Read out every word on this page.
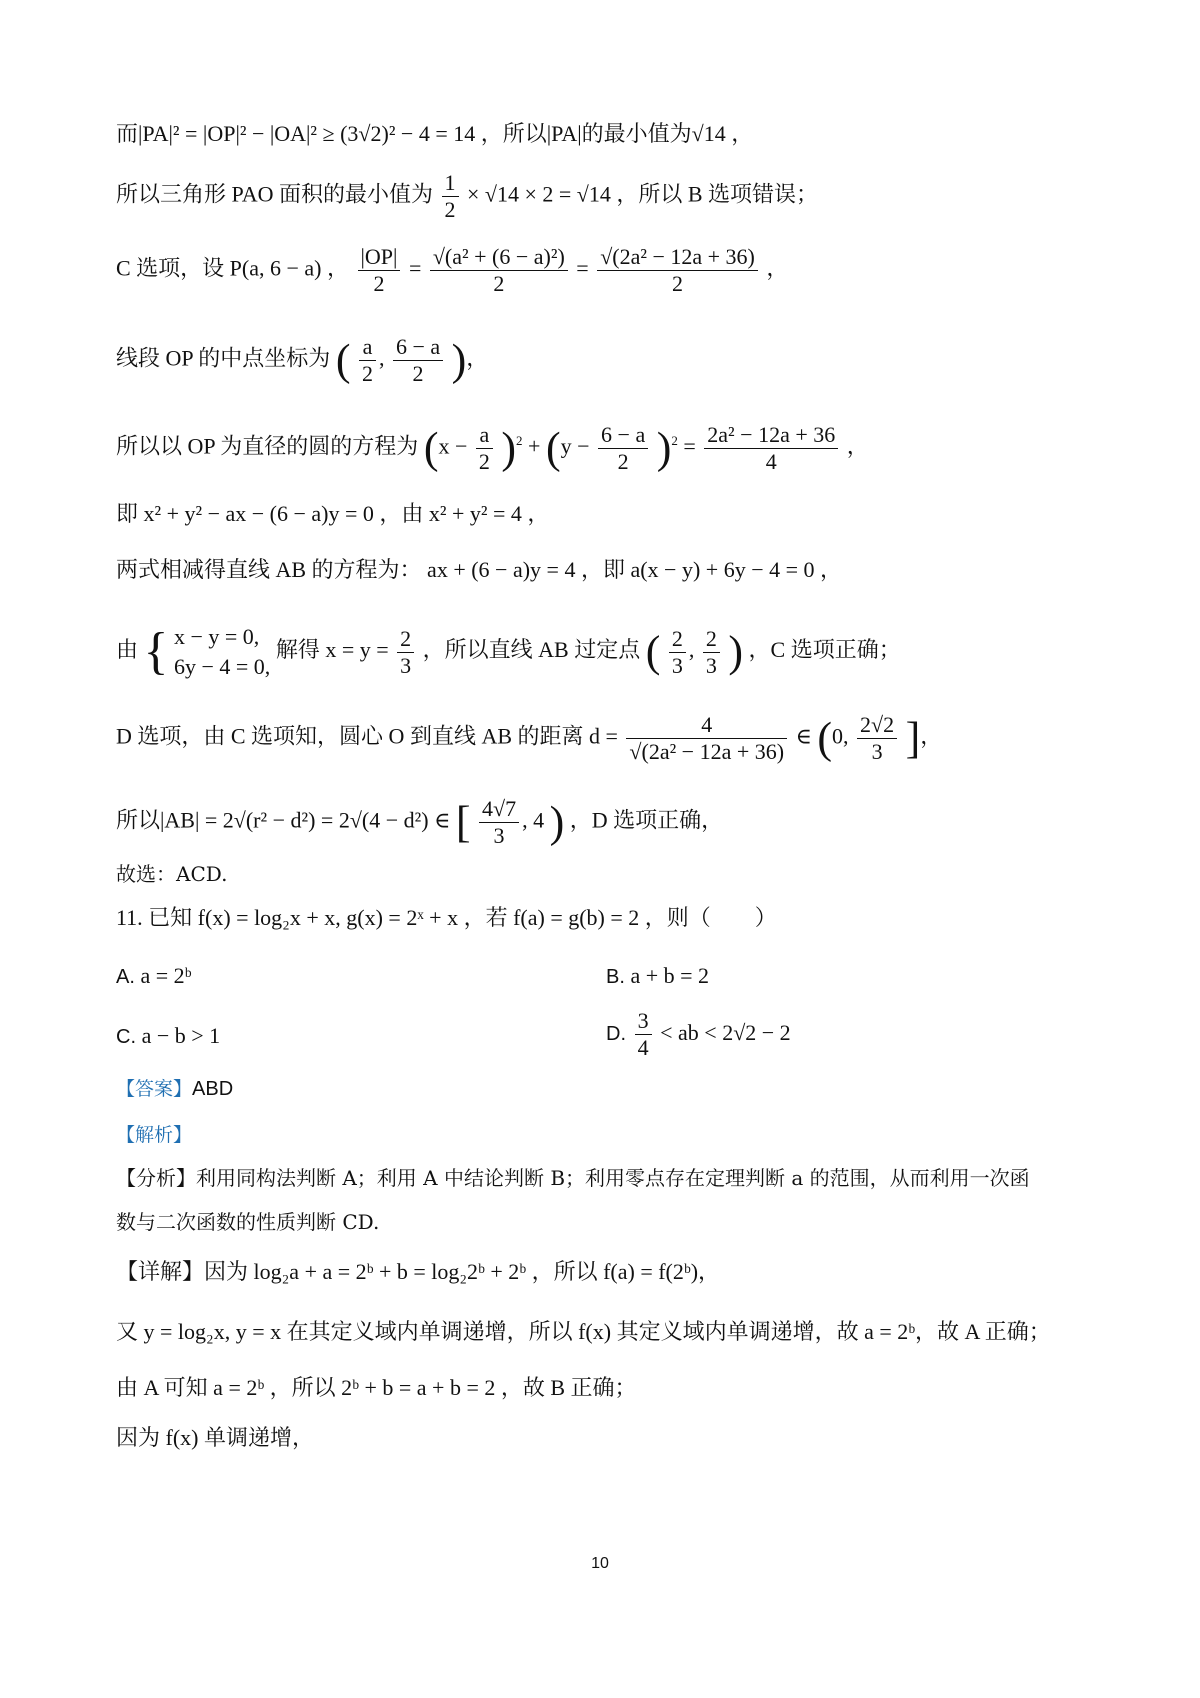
而|PA|² = |OP|² − |OA|² ≥ (3√2)² − 4 = 14 ，所以|PA|的最小值为√14 ，
所以三角形 PAO 面积的最小值为 $\frac{1}{2} \times √14 \times 2 = √14$ ，所以 B 选项错误；
C 选项，设 P(a, 6 − a) ， $\frac{|OP|}{2} = \frac{\text{√(a² + (6 − a)²)}}{2} = \frac{\text{√(2a² − 12a + 36)}}{2}$ ，
线段 OP 的中点坐标为 ( $\frac{a}{2}$ , $\frac{6 - a}{2}$ )，
所以以 OP 为直径的圆的方程为 $(x - \frac{a}{2} )^2 + (y - \frac{6 - a}{2} )^2 = \frac{\text{2a² − 12a + 36}}{4}$ ，
即 x² + y² − ax − (6 − a)y = 0 ，由 x² + y² = 4 ，
两式相减得直线 AB 的方程为： ax + (6 − a)y = 4 ，即 a(x − y) + 6y − 4 = 0 ，
由 { x − y = 0,
6y − 4 = 0,
解得 $x = y = \frac{2}{3}$ ，所以直线 AB 过定点 ( $\frac{2}{3}$ , $\frac{2}{3}$ ) ，C 选项正确；
D 选项，由 C 选项知，圆心 O 到直线 AB 的距离 $d = \frac{4}{\text{√(2a² − 12a + 36)}}$ ∈ (0, $\frac{2√2}{3}$ ]，
所以|AB| = 2√(r² − d²) = 2√(4 − d²) ∈ [ $\frac{4√7}{3}$ , 4 ) ，D 选项正确，
故选：ACD.
11. 已知 f(x) = log₂x + x, g(x) = 2ˣ + x ，若 f(a) = g(b) = 2 ，则（　　）
A. a = 2ᵇ	B. a + b = 2
C. a − b > 1	D. $\frac{3}{4}$ < ab < 2√2 − 2
【答案】ABD
【解析】
【分析】利用同构法判断 A；利用 A 中结论判断 B；利用零点存在定理判断 a 的范围，从而利用一次函
数与二次函数的性质判断 CD.
【详解】因为 log₂a + a = 2ᵇ + b = log₂2ᵇ + 2ᵇ ，所以 f(a) = f(2ᵇ)，
又 y = log₂x, y = x 在其定义域内单调递增，所以 f(x) 其定义域内单调递增，故 a = 2ᵇ，故 A 正确；
由 A 可知 a = 2ᵇ ，所以 2ᵇ + b = a + b = 2 ，故 B 正确；
因为 f(x) 单调递增，
10
